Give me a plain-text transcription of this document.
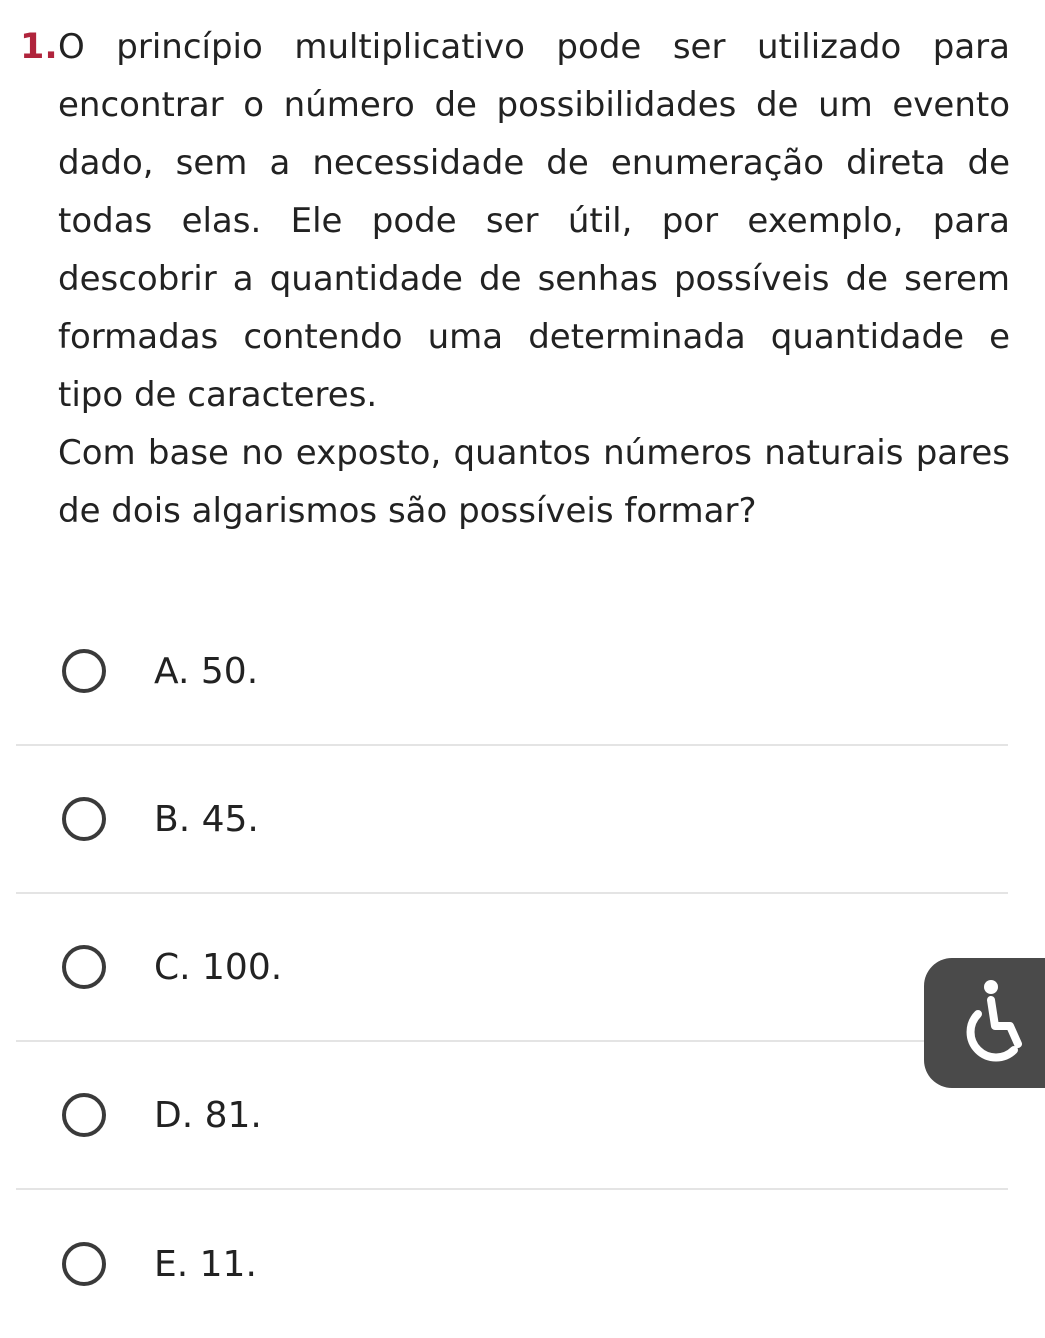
1. O princípio multiplicativo pode ser utilizado para encontrar o número de possibilidades de um evento dado, sem a necessidade de enumeração direta de todas elas. Ele pode ser útil, por exemplo, para descobrir a quantidade de senhas possíveis de serem formadas contendo uma determinada quantidade e tipo de caracteres.

Com base no exposto, quantos números naturais pares de dois algarismos são possíveis formar?

A. 50.
B. 45.
C. 100.
D. 81.
E. 11.
